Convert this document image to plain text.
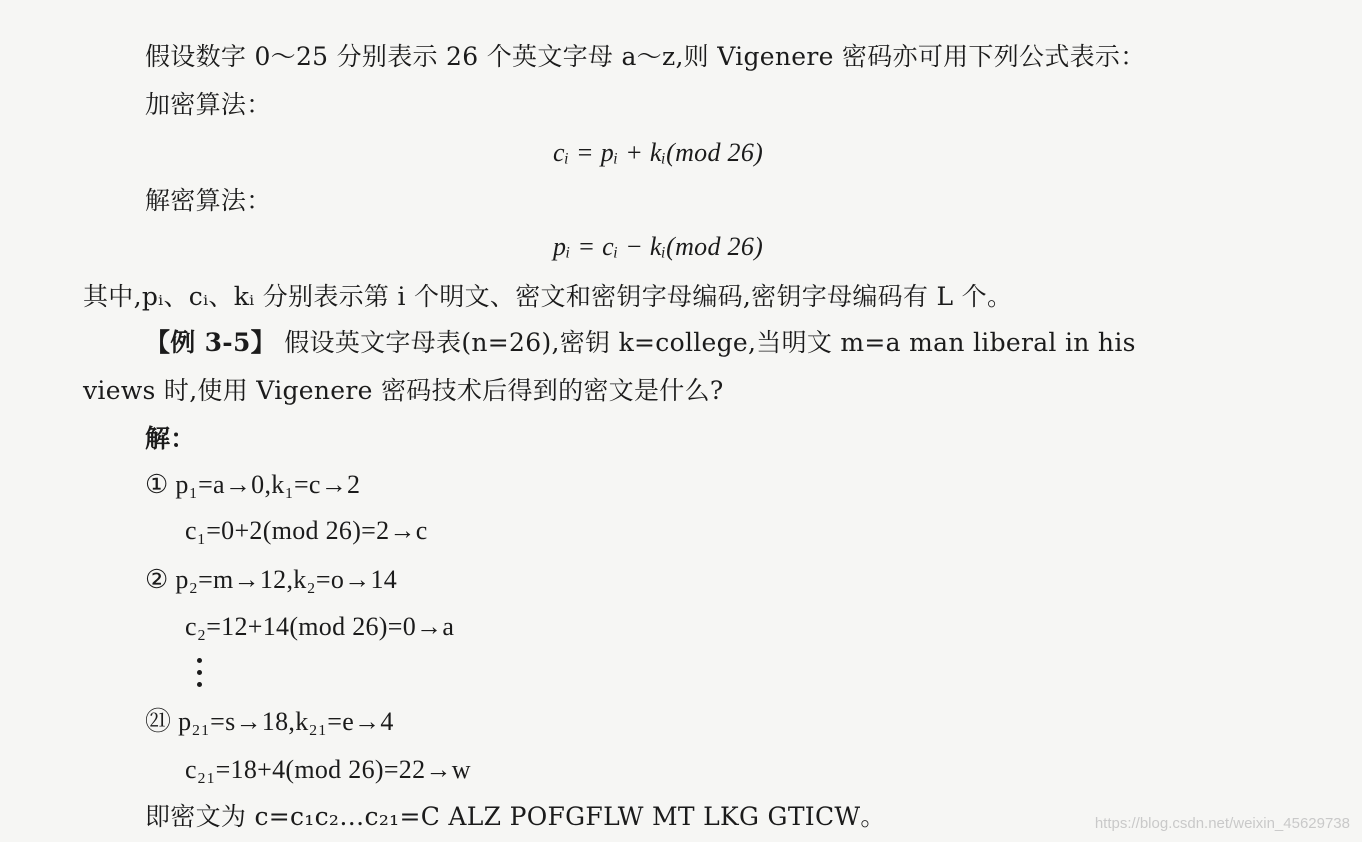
假设数字 0～25 分别表示 26 个英文字母 a～z,则 Vigenere 密码亦可用下列公式表示：
加密算法：
cᵢ = pᵢ + kᵢ(mod 26)
解密算法：
pᵢ = cᵢ − kᵢ(mod 26)
其中,pᵢ、cᵢ、kᵢ 分别表示第 i 个明文、密文和密钥字母编码,密钥字母编码有 L 个。
【例 3-5】 假设英文字母表(n=26),密钥 k=college,当明文 m=a man liberal in his
views 时,使用 Vigenere 密码技术后得到的密文是什么?
解：
① p₁=a→0,k₁=c→2
c₁=0+2(mod 26)=2→c
② p₂=m→12,k₂=o→14
c₂=12+14(mod 26)=0→a
㉑ p₂₁=s→18,k₂₁=e→4
c₂₁=18+4(mod 26)=22→w
即密文为 c=c₁c₂…c₂₁=C ALZ POFGFLW MT LKG GTICW。	https://blog.csdn.net/weixin_45629738
